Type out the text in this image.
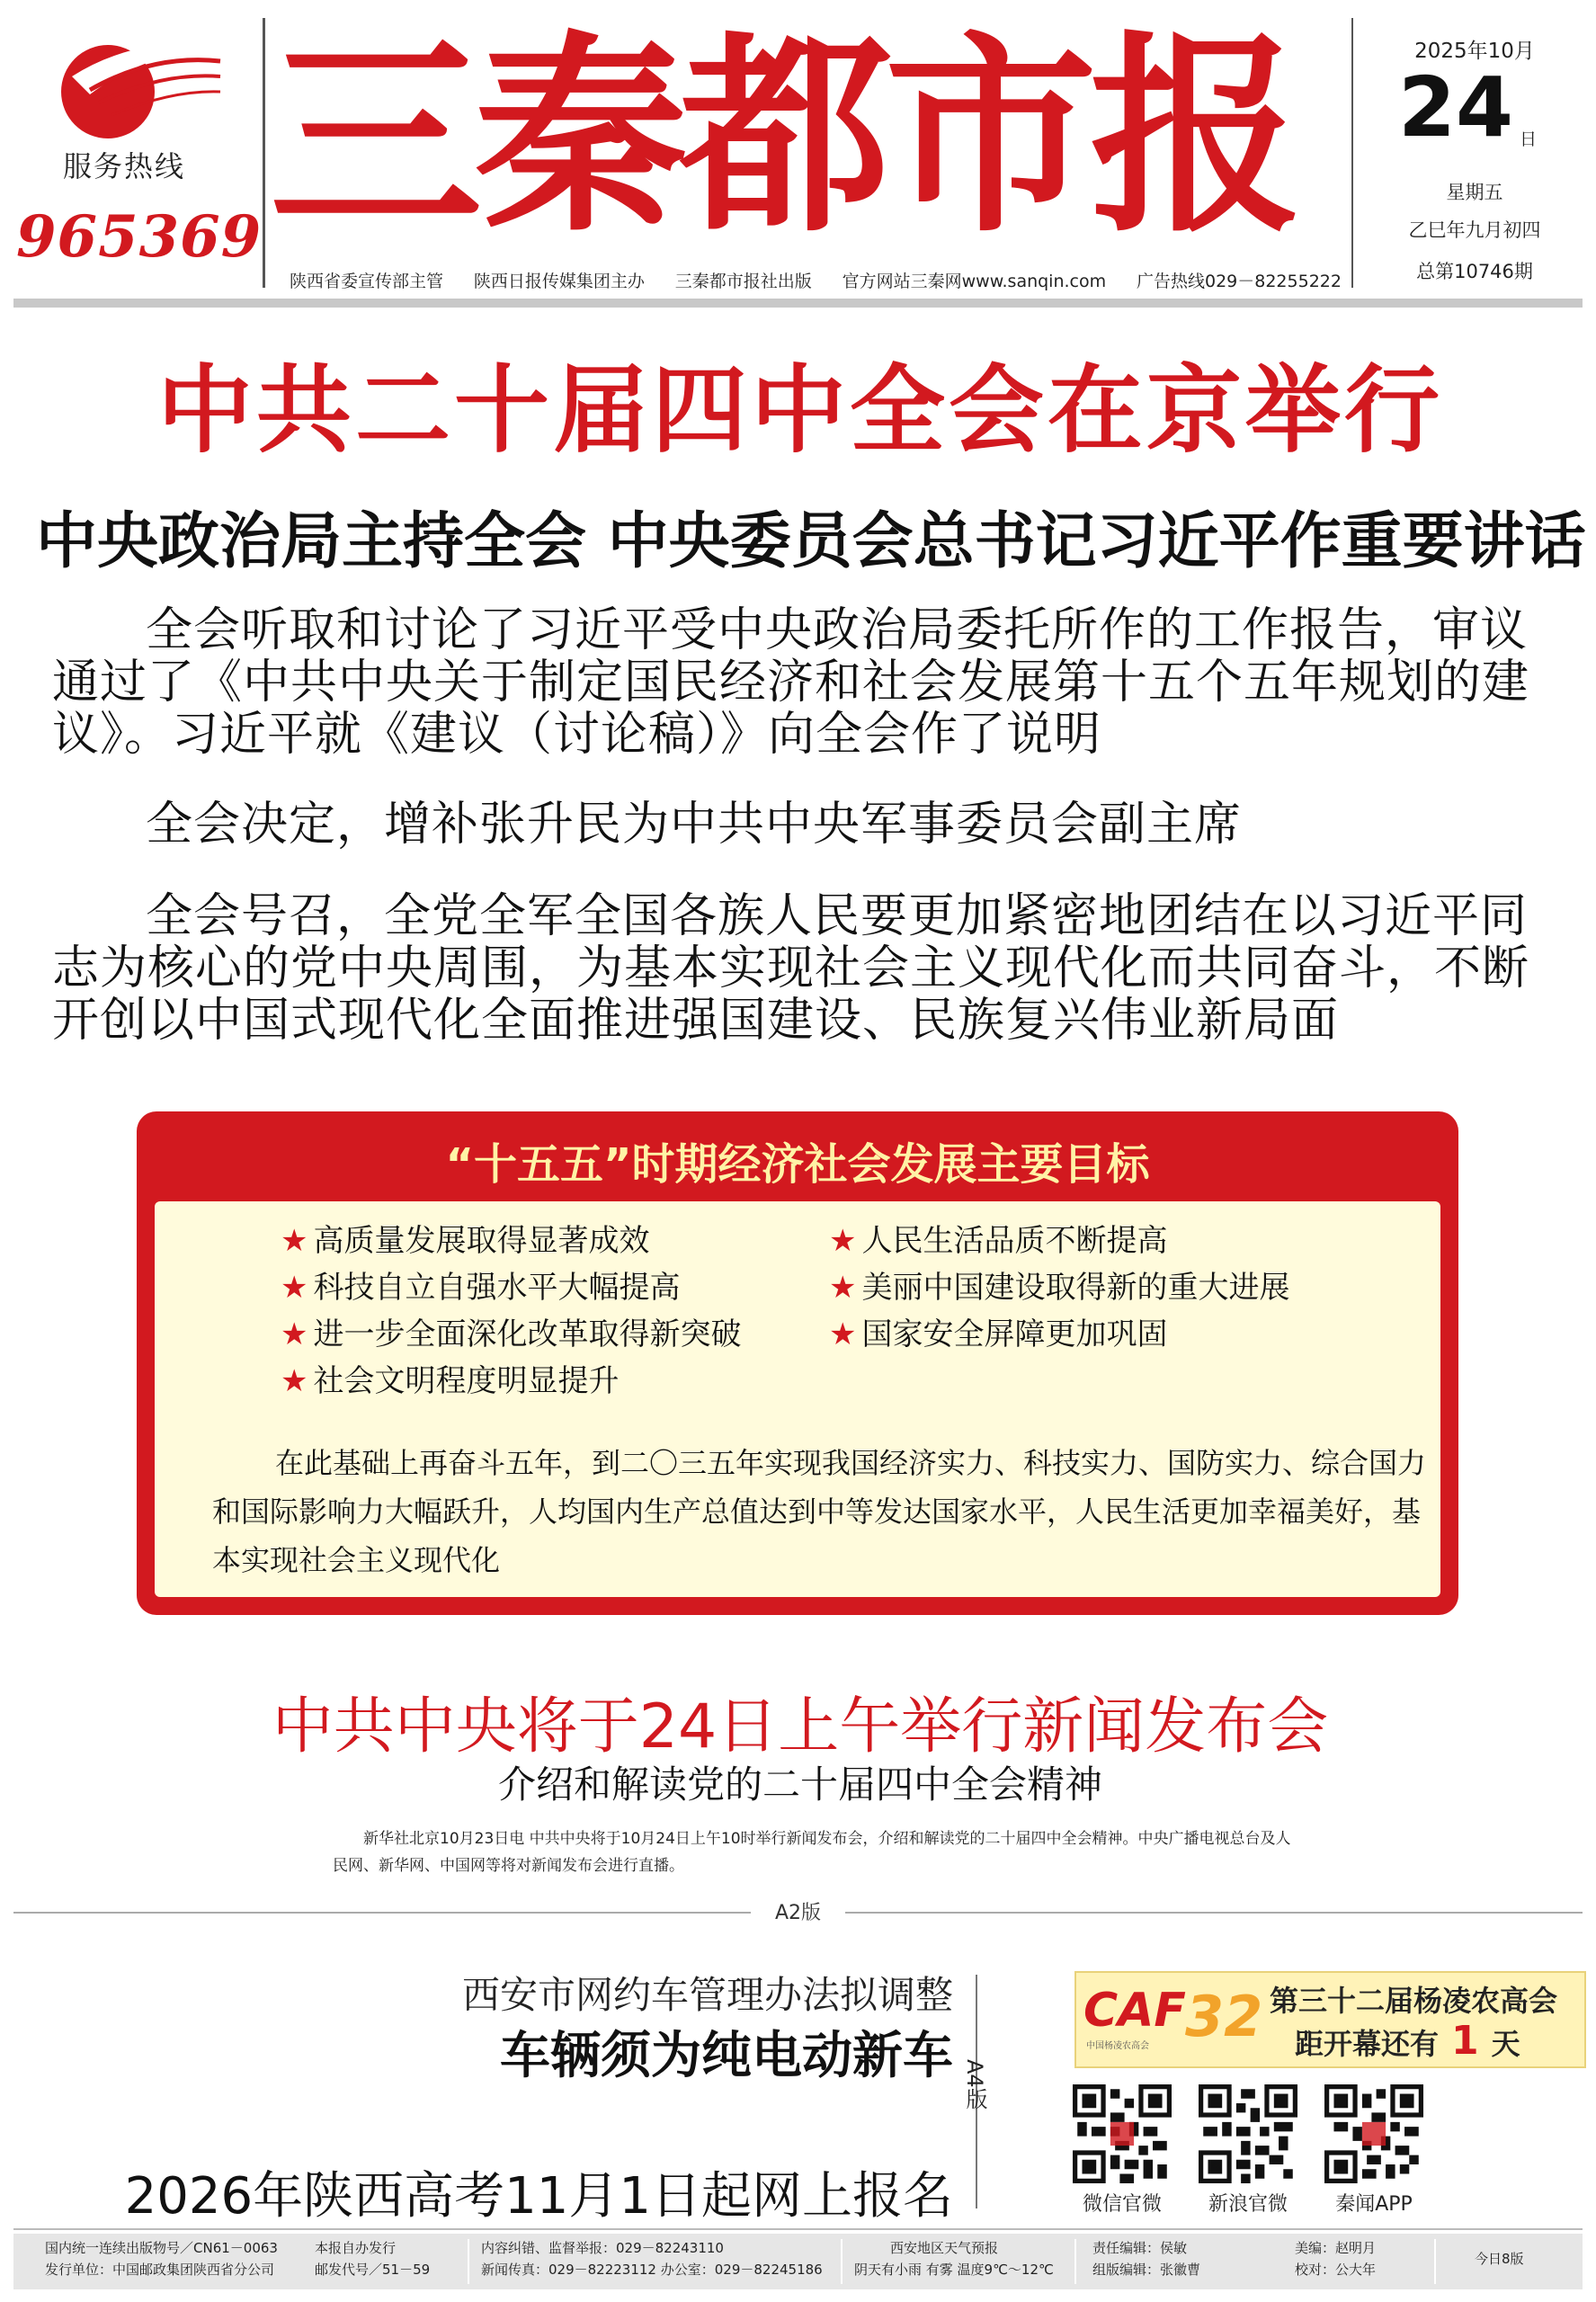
服务热线
965369 三秦都市报
陕西省委宣传部主管 陕西日报传媒集团主办 三秦都市报社出版 官方网站三秦网www.sanqin.com 广告热线029－82255222
2025年10月
24 日
星期五
乙巳年九月初四
总第10746期
中共二十届四中全会在京举行
中央政治局主持全会 中央委员会总书记习近平作重要讲话
全会听取和讨论了习近平受中央政治局委托所作的工作报告，审议通过了《中共中央关于制定国民经济和社会发展第十五个五年规划的建议》。习近平就《建议（讨论稿）》向全会作了说明
全会决定，增补张升民为中共中央军事委员会副主席
全会号召，全党全军全国各族人民要更加紧密地团结在以习近平同志为核心的党中央周围，为基本实现社会主义现代化而共同奋斗，不断开创以中国式现代化全面推进强国建设、民族复兴伟业新局面
“十五五”时期经济社会发展主要目标
★ 高质量发展取得显著成效
★ 科技自立自强水平大幅提高
★ 进一步全面深化改革取得新突破
★ 社会文明程度明显提升
★ 人民生活品质不断提高
★ 美丽中国建设取得新的重大进展
★ 国家安全屏障更加巩固
在此基础上再奋斗五年，到二〇三五年实现我国经济实力、科技实力、国防实力、综合国力和国际影响力大幅跃升，人均国内生产总值达到中等发达国家水平，人民生活更加幸福美好，基本实现社会主义现代化
中共中央将于24日上午举行新闻发布会
介绍和解读党的二十届四中全会精神
新华社北京10月23日电 中共中央将于10月24日上午10时举行新闻发布会，介绍和解读党的二十届四中全会精神。中央广播电视总台及人民网、新华网、中国网等将对新闻发布会进行直播。
A2版
西安市网约车管理办法拟调整
车辆须为纯电动新车 A4版
2026年陕西高考11月1日起网上报名
CAF
中国杨凌农高会 32 第三十二届杨凌农高会
距开幕还有 1 天
微信官微	新浪官微	秦闻APP
国内统一连续出版物号／CN61－0063
发行单位：中国邮政集团陕西省分公司
本报自办发行
邮发代号／51－59
内容纠错、监督举报：029－82243110
新闻传真：029－82223112 办公室：029－82245186
西安地区天气预报
阴天有小雨 有雾 温度9℃～12℃
责任编辑：侯敏
组版编辑：张徽曹
美编：赵明月
校对：公大年
今日8版
